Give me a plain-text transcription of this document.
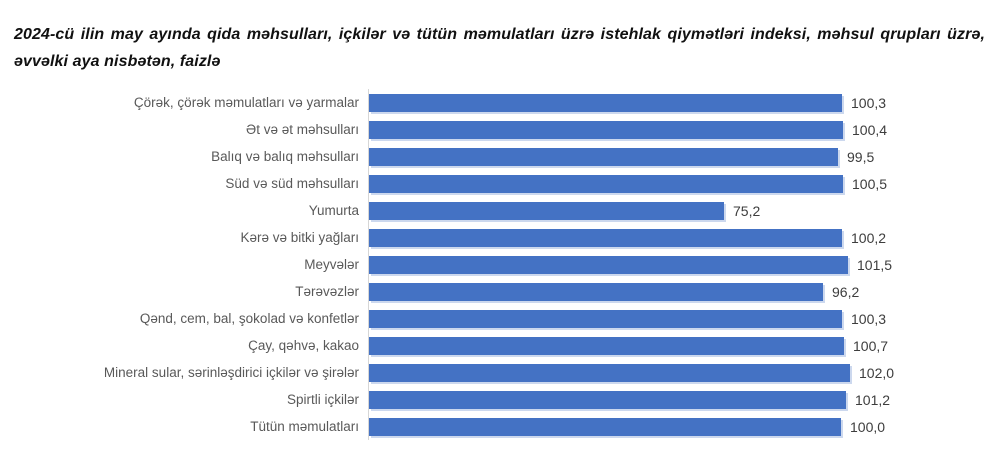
2024-cü ilin may ayında qida məhsulları, içkilər və tütün məmulatları üzrə istehlak qiymətləri indeksi, məhsul qrupları üzrə, əvvəlki aya nisbətən, faizlə
Çörək, çörək məmulatları və yarmalar	100,3
Ət və ət məhsulları	100,4
Balıq və balıq məhsulları	99,5
Süd və süd məhsulları	100,5
Yumurta	75,2
Kərə və bitki yağları	100,2
Meyvələr	101,5
Tərəvəzlər	96,2
Qənd, cem, bal, şokolad və konfetlər	100,3
Çay, qəhvə, kakao	100,7
Mineral sular, sərinləşdirici içkilər və şirələr	102,0
Spirtli içkilər	101,2
Tütün məmulatları	100,0
